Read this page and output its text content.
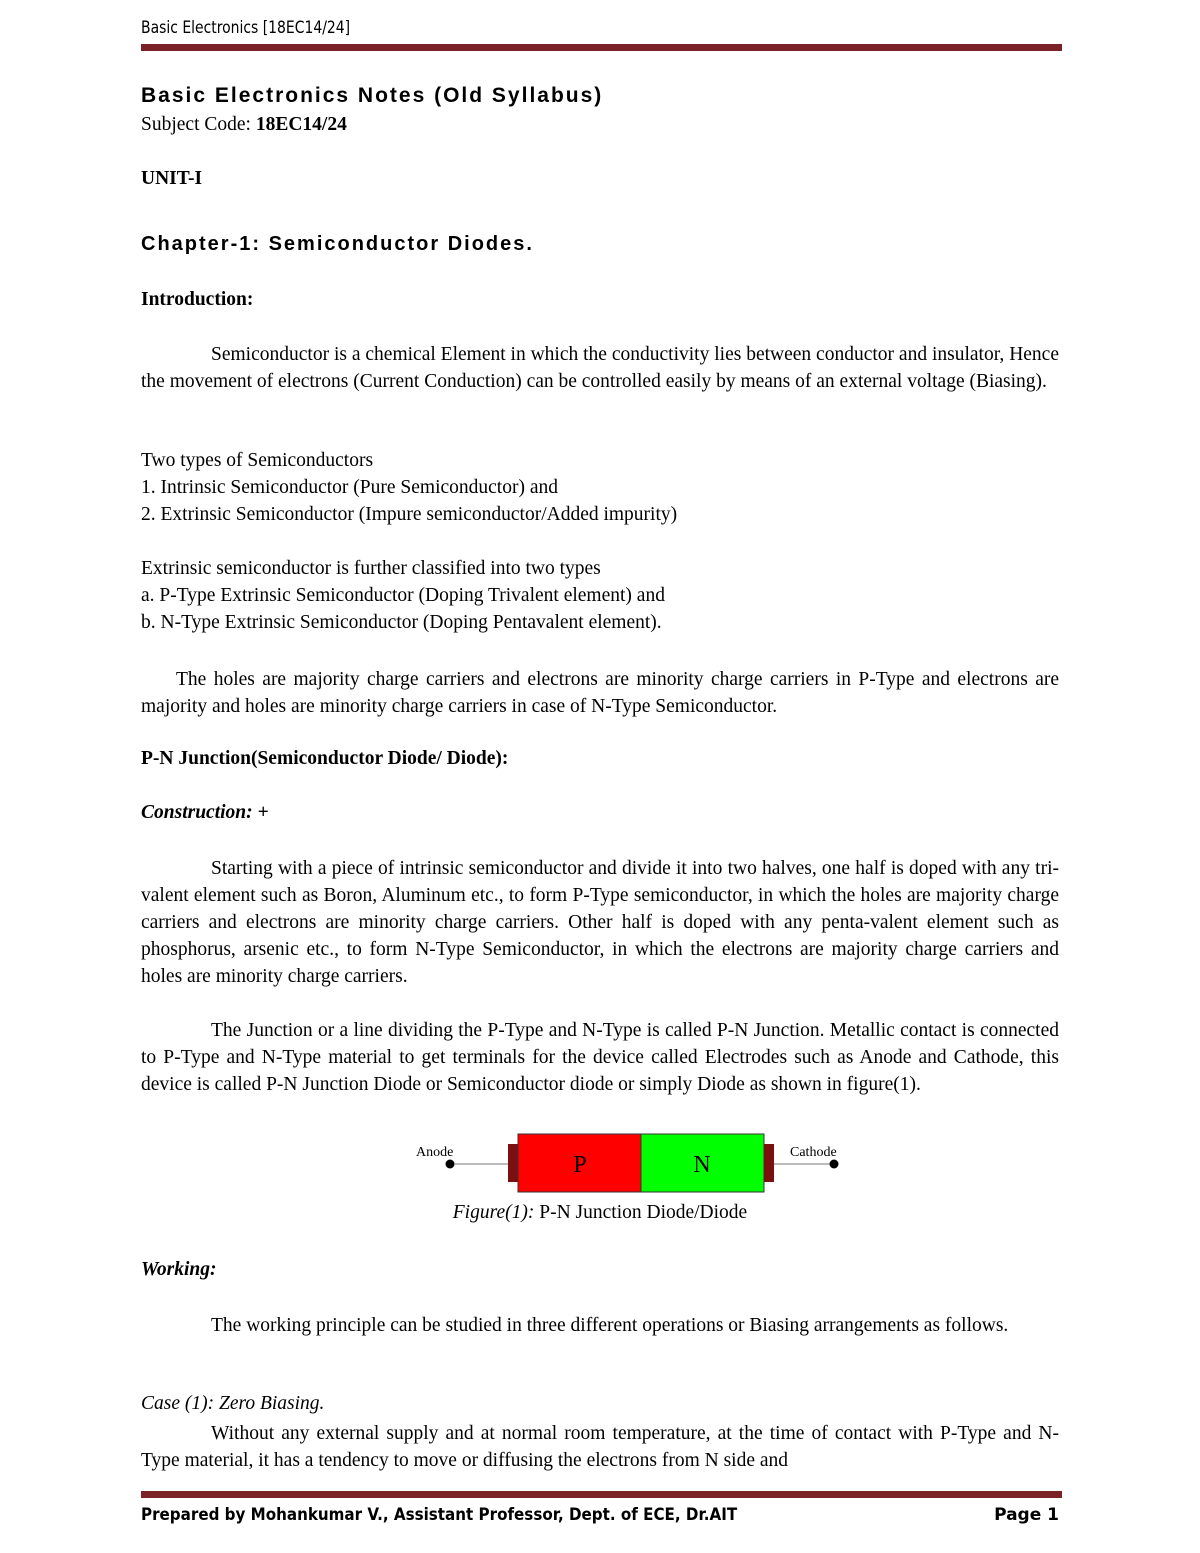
Basic Electronics [18EC14/24]
Basic Electronics Notes (Old Syllabus)
Subject Code: 18EC14/24
UNIT-I
Chapter-1: Semiconductor Diodes.
Introduction:
Semiconductor is a chemical Element in which the conductivity lies between conductor and insulator, Hence the movement of electrons (Current Conduction) can be controlled easily by means of an external voltage (Biasing).
Two types of Semiconductors
1. Intrinsic Semiconductor (Pure Semiconductor) and
2. Extrinsic Semiconductor (Impure semiconductor/Added impurity)
Extrinsic semiconductor is further classified into two types
a. P-Type Extrinsic Semiconductor (Doping Trivalent element) and
b. N-Type Extrinsic Semiconductor (Doping Pentavalent element).
The holes are majority charge carriers and electrons are minority charge carriers in P-Type and electrons are majority and holes are minority charge carriers in case of N-Type Semiconductor.
P-N Junction(Semiconductor Diode/ Diode):
Construction: +
Starting with a piece of intrinsic semiconductor and divide it into two halves, one half is doped with any tri-valent element such as Boron, Aluminum etc., to form P-Type semiconductor, in which the holes are majority charge carriers and electrons are minority charge carriers. Other half is doped with any penta-valent element such as phosphorus, arsenic etc., to form N-Type Semiconductor, in which the electrons are majority charge carriers and holes are minority charge carriers.
The Junction or a line dividing the P-Type and N-Type is called P-N Junction. Metallic contact is connected to P-Type and N-Type material to get terminals for the device called Electrodes such as Anode and Cathode, this device is called P-N Junction Diode or Semiconductor diode or simply Diode as shown in figure(1).
Anode	P	N	Cathode
Figure(1): P-N Junction Diode/Diode
Working:
The working principle can be studied in three different operations or Biasing arrangements as follows.
Case (1): Zero Biasing.
Without any external supply and at normal room temperature, at the time of contact with P-Type and N-Type material, it has a tendency to move or diffusing the electrons from N side and
Prepared by Mohankumar V., Assistant Professor, Dept. of ECE, Dr.AIT	Page 1
